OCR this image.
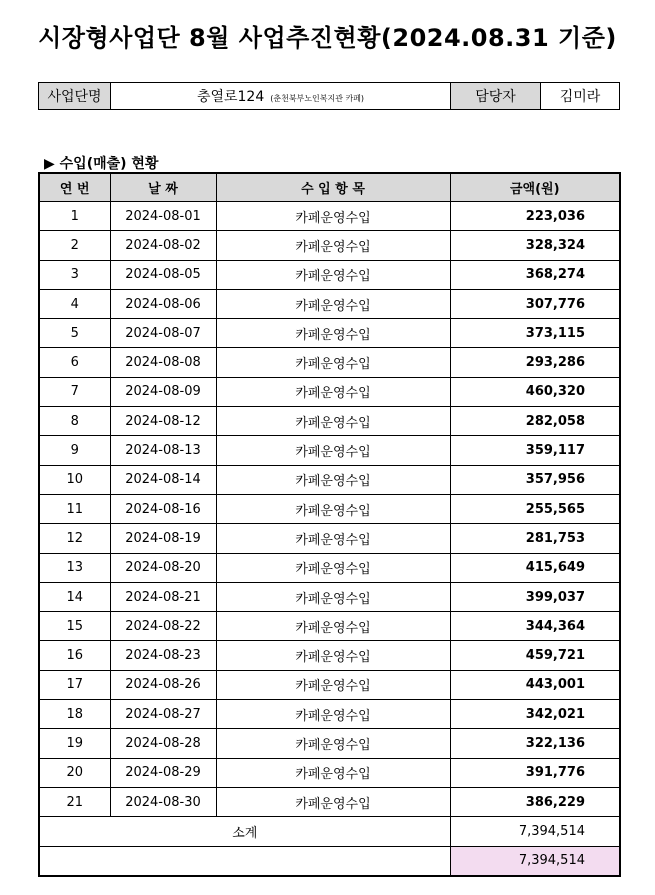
시장형사업단 8월 사업추진현황(2024.08.31 기준)
사업단명	충열로124 (춘천북부노인복지관 카페)	담당자	김미라
▶ 수입(매출) 현황
연 번	날 짜	수 입 항 목	금액(원)
1	2024-08-01	카페운영수입	223,036
2	2024-08-02	카페운영수입	328,324
3	2024-08-05	카페운영수입	368,274
4	2024-08-06	카페운영수입	307,776
5	2024-08-07	카페운영수입	373,115
6	2024-08-08	카페운영수입	293,286
7	2024-08-09	카페운영수입	460,320
8	2024-08-12	카페운영수입	282,058
9	2024-08-13	카페운영수입	359,117
10	2024-08-14	카페운영수입	357,956
11	2024-08-16	카페운영수입	255,565
12	2024-08-19	카페운영수입	281,753
13	2024-08-20	카페운영수입	415,649
14	2024-08-21	카페운영수입	399,037
15	2024-08-22	카페운영수입	344,364
16	2024-08-23	카페운영수입	459,721
17	2024-08-26	카페운영수입	443,001
18	2024-08-27	카페운영수입	342,021
19	2024-08-28	카페운영수입	322,136
20	2024-08-29	카페운영수입	391,776
21	2024-08-30	카페운영수입	386,229
소계			7,394,514
			7,394,514
